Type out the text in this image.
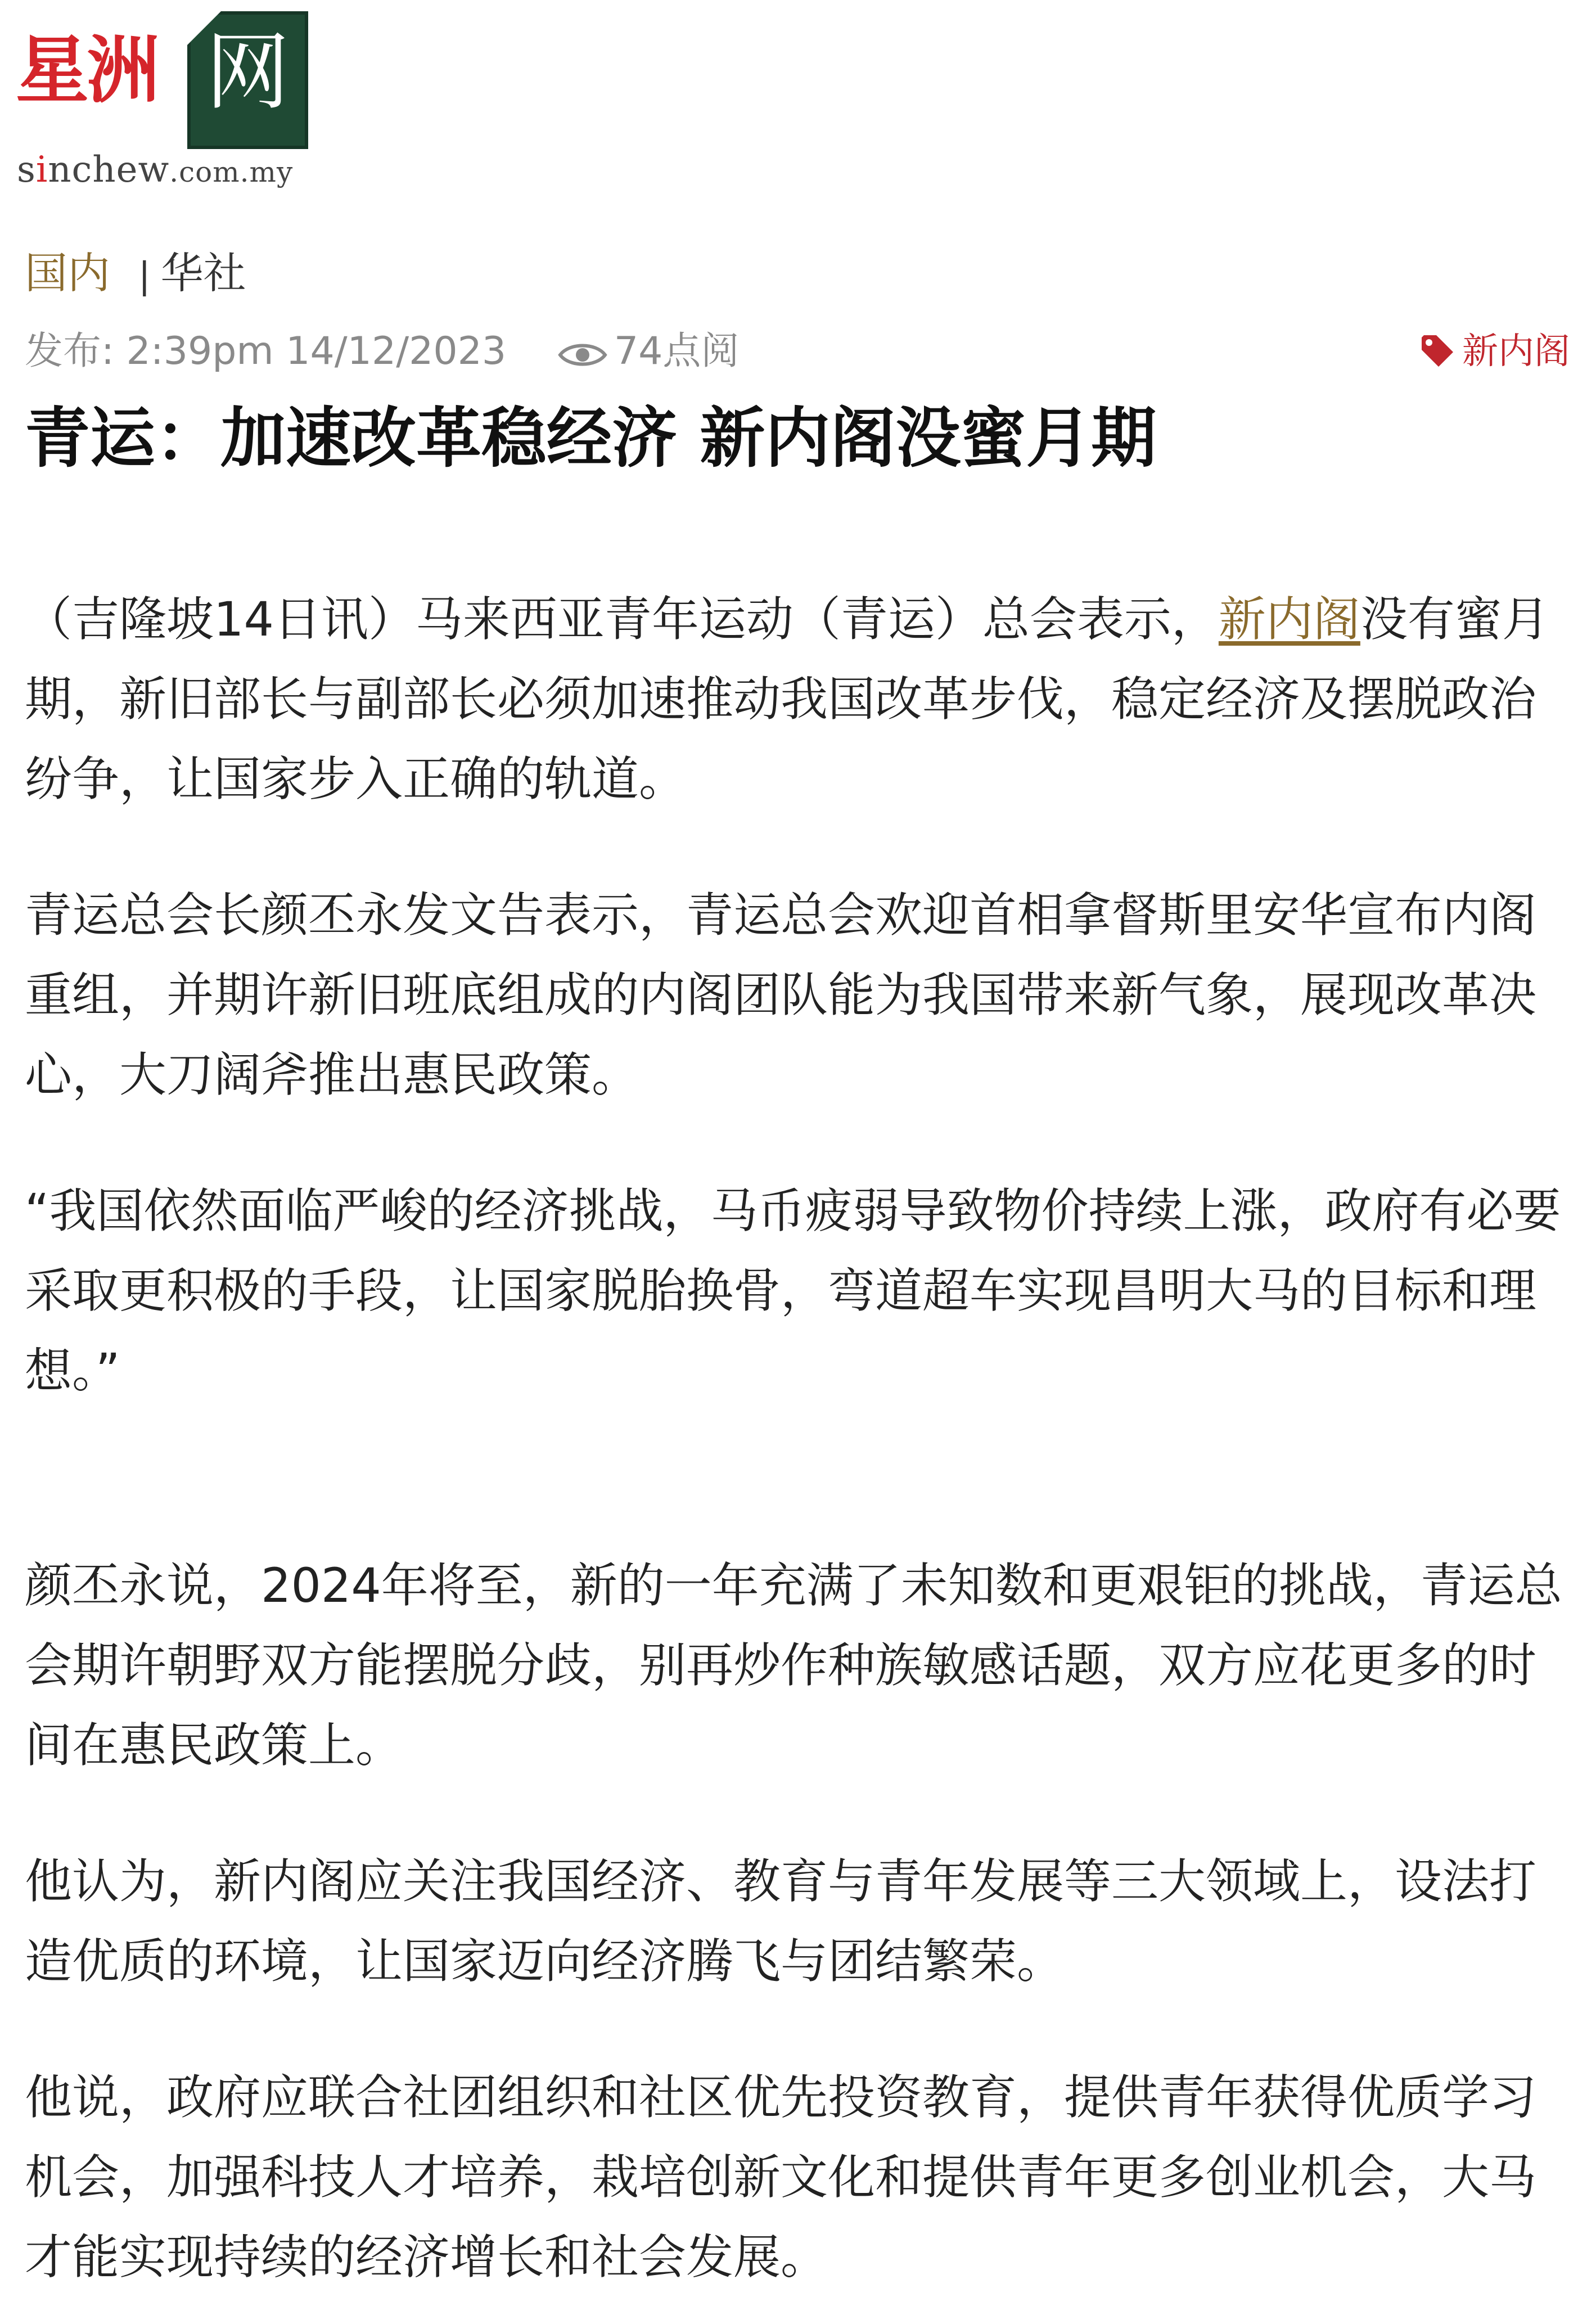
星洲 网
sinchew.com.my
国内 | 华社
发布: 2:39pm 14/12/2023	74点阅	新内阁
青运：加速改革稳经济 新内阁没蜜月期

（吉隆坡14日讯）马来西亚青年运动（青运）总会表示，新内阁没有蜜月期，新旧部长与副部长必须加速推动我国改革步伐，稳定经济及摆脱政治纷争，让国家步入正确的轨道。

青运总会长颜丕永发文告表示，青运总会欢迎首相拿督斯里安华宣布内阁重组，并期许新旧班底组成的内阁团队能为我国带来新气象，展现改革决心，大刀阔斧推出惠民政策。

“我国依然面临严峻的经济挑战，马币疲弱导致物价持续上涨，政府有必要采取更积极的手段，让国家脱胎换骨，弯道超车实现昌明大马的目标和理想。”

颜丕永说，2024年将至，新的一年充满了未知数和更艰钜的挑战，青运总会期许朝野双方能摆脱分歧，别再炒作种族敏感话题，双方应花更多的时间在惠民政策上。

他认为，新内阁应关注我国经济、教育与青年发展等三大领域上，设法打造优质的环境，让国家迈向经济腾飞与团结繁荣。

他说，政府应联合社团组织和社区优先投资教育，提供青年获得优质学习机会，加强科技人才培养，栽培创新文化和提供青年更多创业机会，大马才能实现持续的经济增长和社会发展。
